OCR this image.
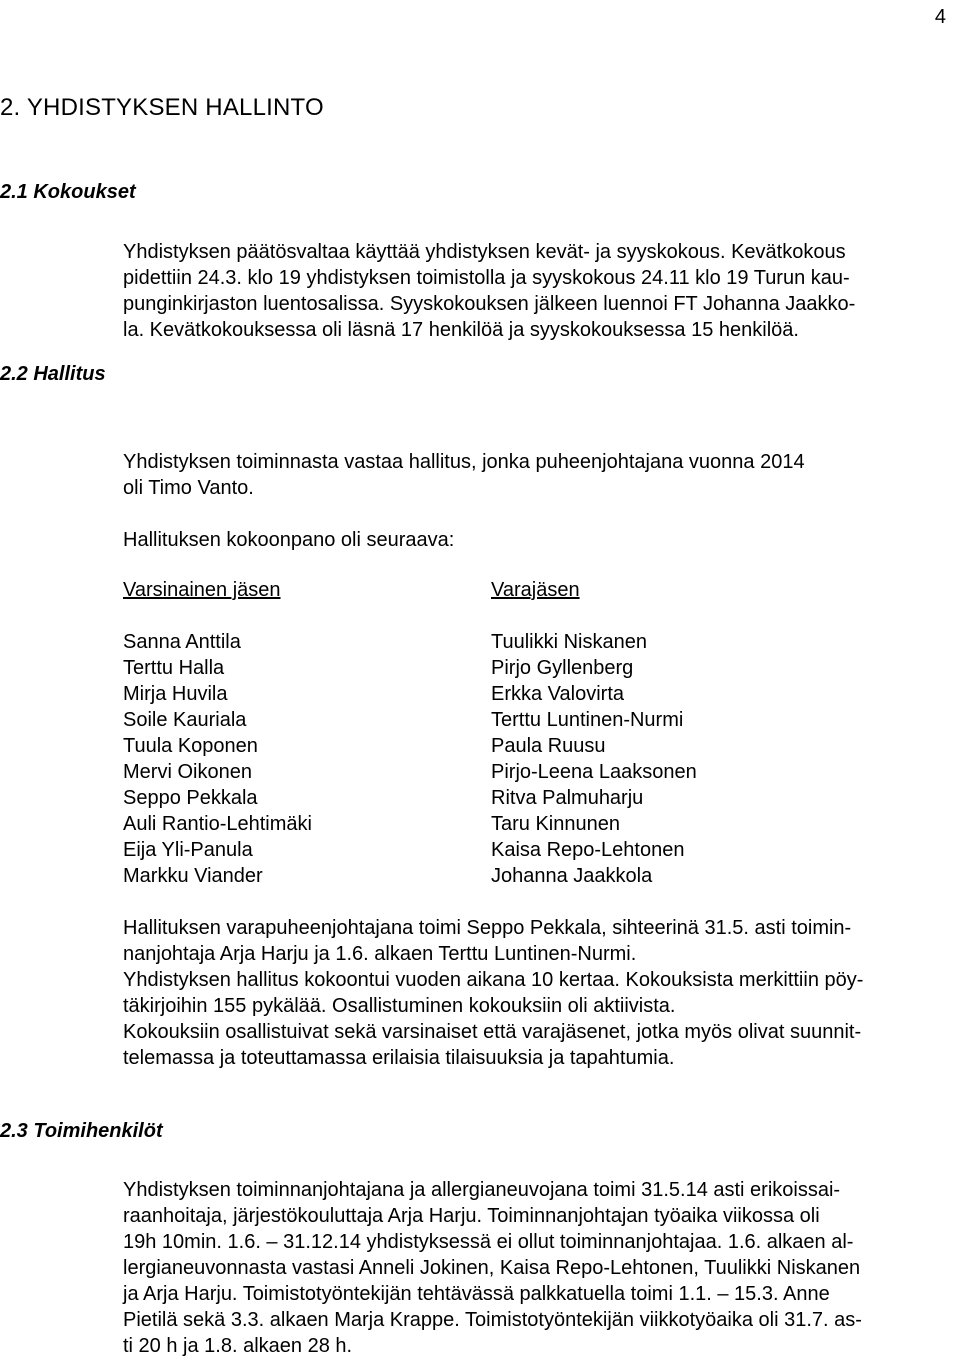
4
2. YHDISTYKSEN HALLINTO
2.1 Kokoukset
Yhdistyksen päätösvaltaa käyttää yhdistyksen kevät- ja syyskokous. Kevätkokous
pidettiin 24.3. klo 19 yhdistyksen toimistolla ja syyskokous 24.11 klo 19 Turun kau-
punginkirjaston luentosalissa. Syyskokouksen jälkeen luennoi FT Johanna Jaakko-
la. Kevätkokouksessa oli läsnä 17 henkilöä ja syyskokouksessa 15 henkilöä.
2.2 Hallitus
Yhdistyksen toiminnasta vastaa hallitus, jonka puheenjohtajana vuonna 2014
oli Timo Vanto.
Hallituksen kokoonpano oli seuraava:
Varsinainen jäsen	Varajäsen
Sanna Anttila
Terttu Halla
Mirja Huvila
Soile Kauriala
Tuula Koponen
Mervi Oikonen
Seppo Pekkala
Auli Rantio-Lehtimäki
Eija Yli-Panula
Markku Viander
Tuulikki Niskanen
Pirjo Gyllenberg
Erkka Valovirta
Terttu Luntinen-Nurmi
Paula Ruusu
Pirjo-Leena Laaksonen
Ritva Palmuharju
Taru Kinnunen
Kaisa Repo-Lehtonen
Johanna Jaakkola
Hallituksen varapuheenjohtajana toimi Seppo Pekkala, sihteerinä 31.5. asti toimin-
nanjohtaja Arja Harju ja 1.6. alkaen Terttu Luntinen-Nurmi.
Yhdistyksen hallitus kokoontui vuoden aikana 10 kertaa. Kokouksista merkittiin pöy-
täkirjoihin 155 pykälää. Osallistuminen kokouksiin oli aktiivista.
Kokouksiin osallistuivat sekä varsinaiset että varajäsenet, jotka myös olivat suunnit-
telemassa ja toteuttamassa erilaisia tilaisuuksia ja tapahtumia.
2.3 Toimihenkilöt
Yhdistyksen toiminnanjohtajana ja allergianeuvojana toimi 31.5.14 asti erikoissai-
raanhoitaja, järjestökouluttaja Arja Harju. Toiminnanjohtajan työaika viikossa oli
19h 10min. 1.6. – 31.12.14 yhdistyksessä ei ollut toiminnanjohtajaa. 1.6. alkaen al-
lergianeuvonnasta vastasi Anneli Jokinen, Kaisa Repo-Lehtonen, Tuulikki Niskanen
ja Arja Harju. Toimistotyöntekijän tehtävässä palkkatuella toimi 1.1. – 15.3. Anne
Pietilä sekä 3.3. alkaen Marja Krappe. Toimistotyöntekijän viikkotyöaika oli 31.7. as-
ti 20 h ja 1.8. alkaen 28 h.
